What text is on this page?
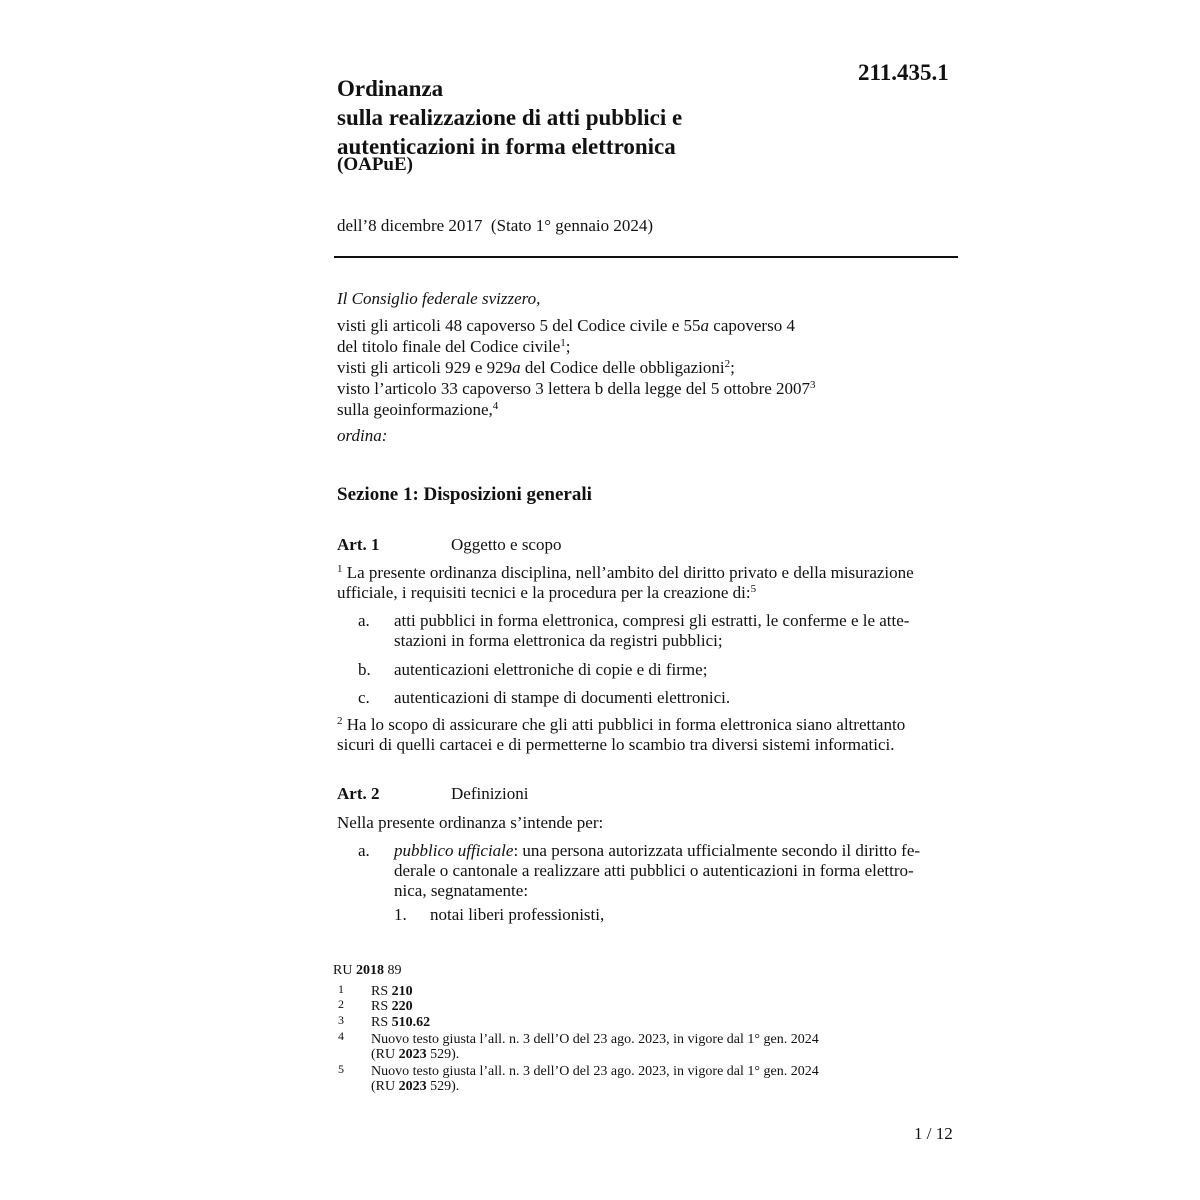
211.435.1
Ordinanza
sulla realizzazione di atti pubblici e
autenticazioni in forma elettronica
(OAPuE)
dell’8 dicembre 2017 (Stato 1° gennaio 2024)
Il Consiglio federale svizzero,
visti gli articoli 48 capoverso 5 del Codice civile e 55a capoverso 4
del titolo finale del Codice civile$^1$;
visti gli articoli 929 e 929a del Codice delle obbligazioni$^2$;
visto l’articolo 33 capoverso 3 lettera b della legge del 5 ottobre 2007$^3$
sulla geoinformazione,$^4$
ordina:
Sezione 1: Disposizioni generali
Art. 1	Oggetto e scopo
$^1$ La presente ordinanza disciplina, nell’ambito del diritto privato e della misurazione
ufficiale, i requisiti tecnici e la procedura per la creazione di:$^5$
a. atti pubblici in forma elettronica, compresi gli estratti, le conferme e le atte-
stazioni in forma elettronica da registri pubblici;
b. autenticazioni elettroniche di copie e di firme;
c. autenticazioni di stampe di documenti elettronici.
$^2$ Ha lo scopo di assicurare che gli atti pubblici in forma elettronica siano altrettanto
sicuri di quelli cartacei e di permetterne lo scambio tra diversi sistemi informatici.
Art. 2	Definizioni
Nella presente ordinanza s’intende per:
a. pubblico ufficiale: una persona autorizzata ufficialmente secondo il diritto fe-
derale o cantonale a realizzare atti pubblici o autenticazioni in forma elettro-
nica, segnatamente:
1. notai liberi professionisti,
RU 2018 89
1 RS 210
2 RS 220
3 RS 510.62
4 Nuovo testo giusta l’all. n. 3 dell’O del 23 ago. 2023, in vigore dal 1° gen. 2024
(RU 2023 529).
5 Nuovo testo giusta l’all. n. 3 dell’O del 23 ago. 2023, in vigore dal 1° gen. 2024
(RU 2023 529).
1 / 12
